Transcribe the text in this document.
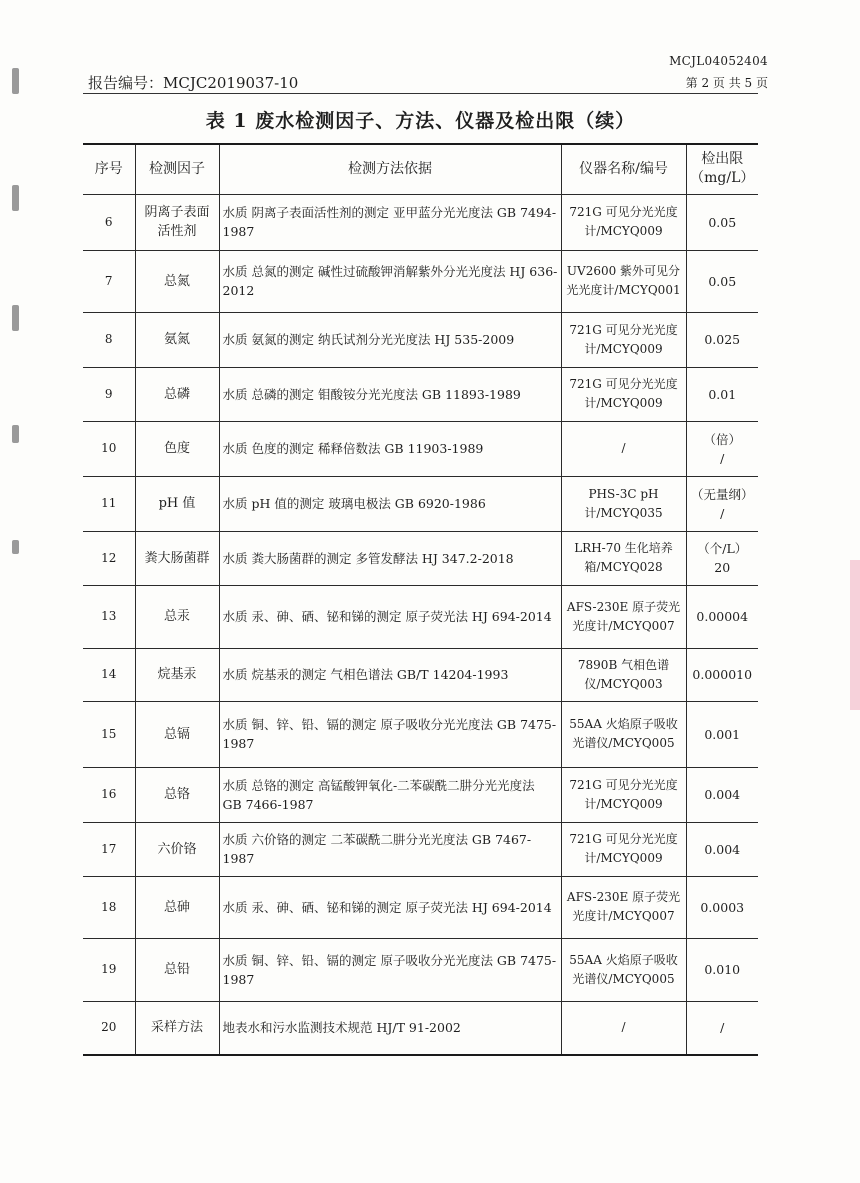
MCJL04052404
报告编号：MCJC2019037-10	第 2 页 共 5 页
表 1 废水检测因子、方法、仪器及检出限（续）
序号	检测因子	检测方法依据	仪器名称/编号	检出限
（mg/L）

6	阴离子表面活性剂	水质 阴离子表面活性剂的测定 亚甲蓝分光光度法 GB 7494-1987	721G 可见分光光度计/MCYQ009	0.05

7	总氮	水质 总氮的测定 碱性过硫酸钾消解紫外分光光度法 HJ 636-2012	UV2600 紫外可见分光光度计/MCYQ001	0.05

8	氨氮	水质 氨氮的测定 纳氏试剂分光光度法 HJ 535-2009	721G 可见分光光度计/MCYQ009	0.025

9	总磷	水质 总磷的测定 钼酸铵分光光度法 GB 11893-1989	721G 可见分光光度计/MCYQ009	0.01

10	色度	水质 色度的测定 稀释倍数法 GB 11903-1989	/	（倍）
/

11	pH 值	水质 pH 值的测定 玻璃电极法 GB 6920-1986	PHS-3C pH 计/MCYQ035	（无量纲）
/

12	粪大肠菌群	水质 粪大肠菌群的测定 多管发酵法 HJ 347.2-2018	LRH-70 生化培养箱/MCYQ028	（个/L）
20

13	总汞	水质 汞、砷、硒、铋和锑的测定 原子荧光法 HJ 694-2014	AFS-230E 原子荧光光度计/MCYQ007	0.00004

14	烷基汞	水质 烷基汞的测定 气相色谱法 GB/T 14204-1993	7890B 气相色谱仪/MCYQ003	0.000010

15	总镉	水质 铜、锌、铅、镉的测定 原子吸收分光光度法 GB 7475-1987	55AA 火焰原子吸收光谱仪/MCYQ005	0.001

16	总铬	水质 总铬的测定 高锰酸钾氧化-二苯碳酰二肼分光光度法 GB 7466-1987	721G 可见分光光度计/MCYQ009	0.004

17	六价铬	水质 六价铬的测定 二苯碳酰二肼分光光度法 GB 7467-1987	721G 可见分光光度计/MCYQ009	0.004

18	总砷	水质 汞、砷、硒、铋和锑的测定 原子荧光法 HJ 694-2014	AFS-230E 原子荧光光度计/MCYQ007	0.0003

19	总铅	水质 铜、锌、铅、镉的测定 原子吸收分光光度法 GB 7475-1987	55AA 火焰原子吸收光谱仪/MCYQ005	0.010

20	采样方法	地表水和污水监测技术规范 HJ/T 91-2002	/	/
